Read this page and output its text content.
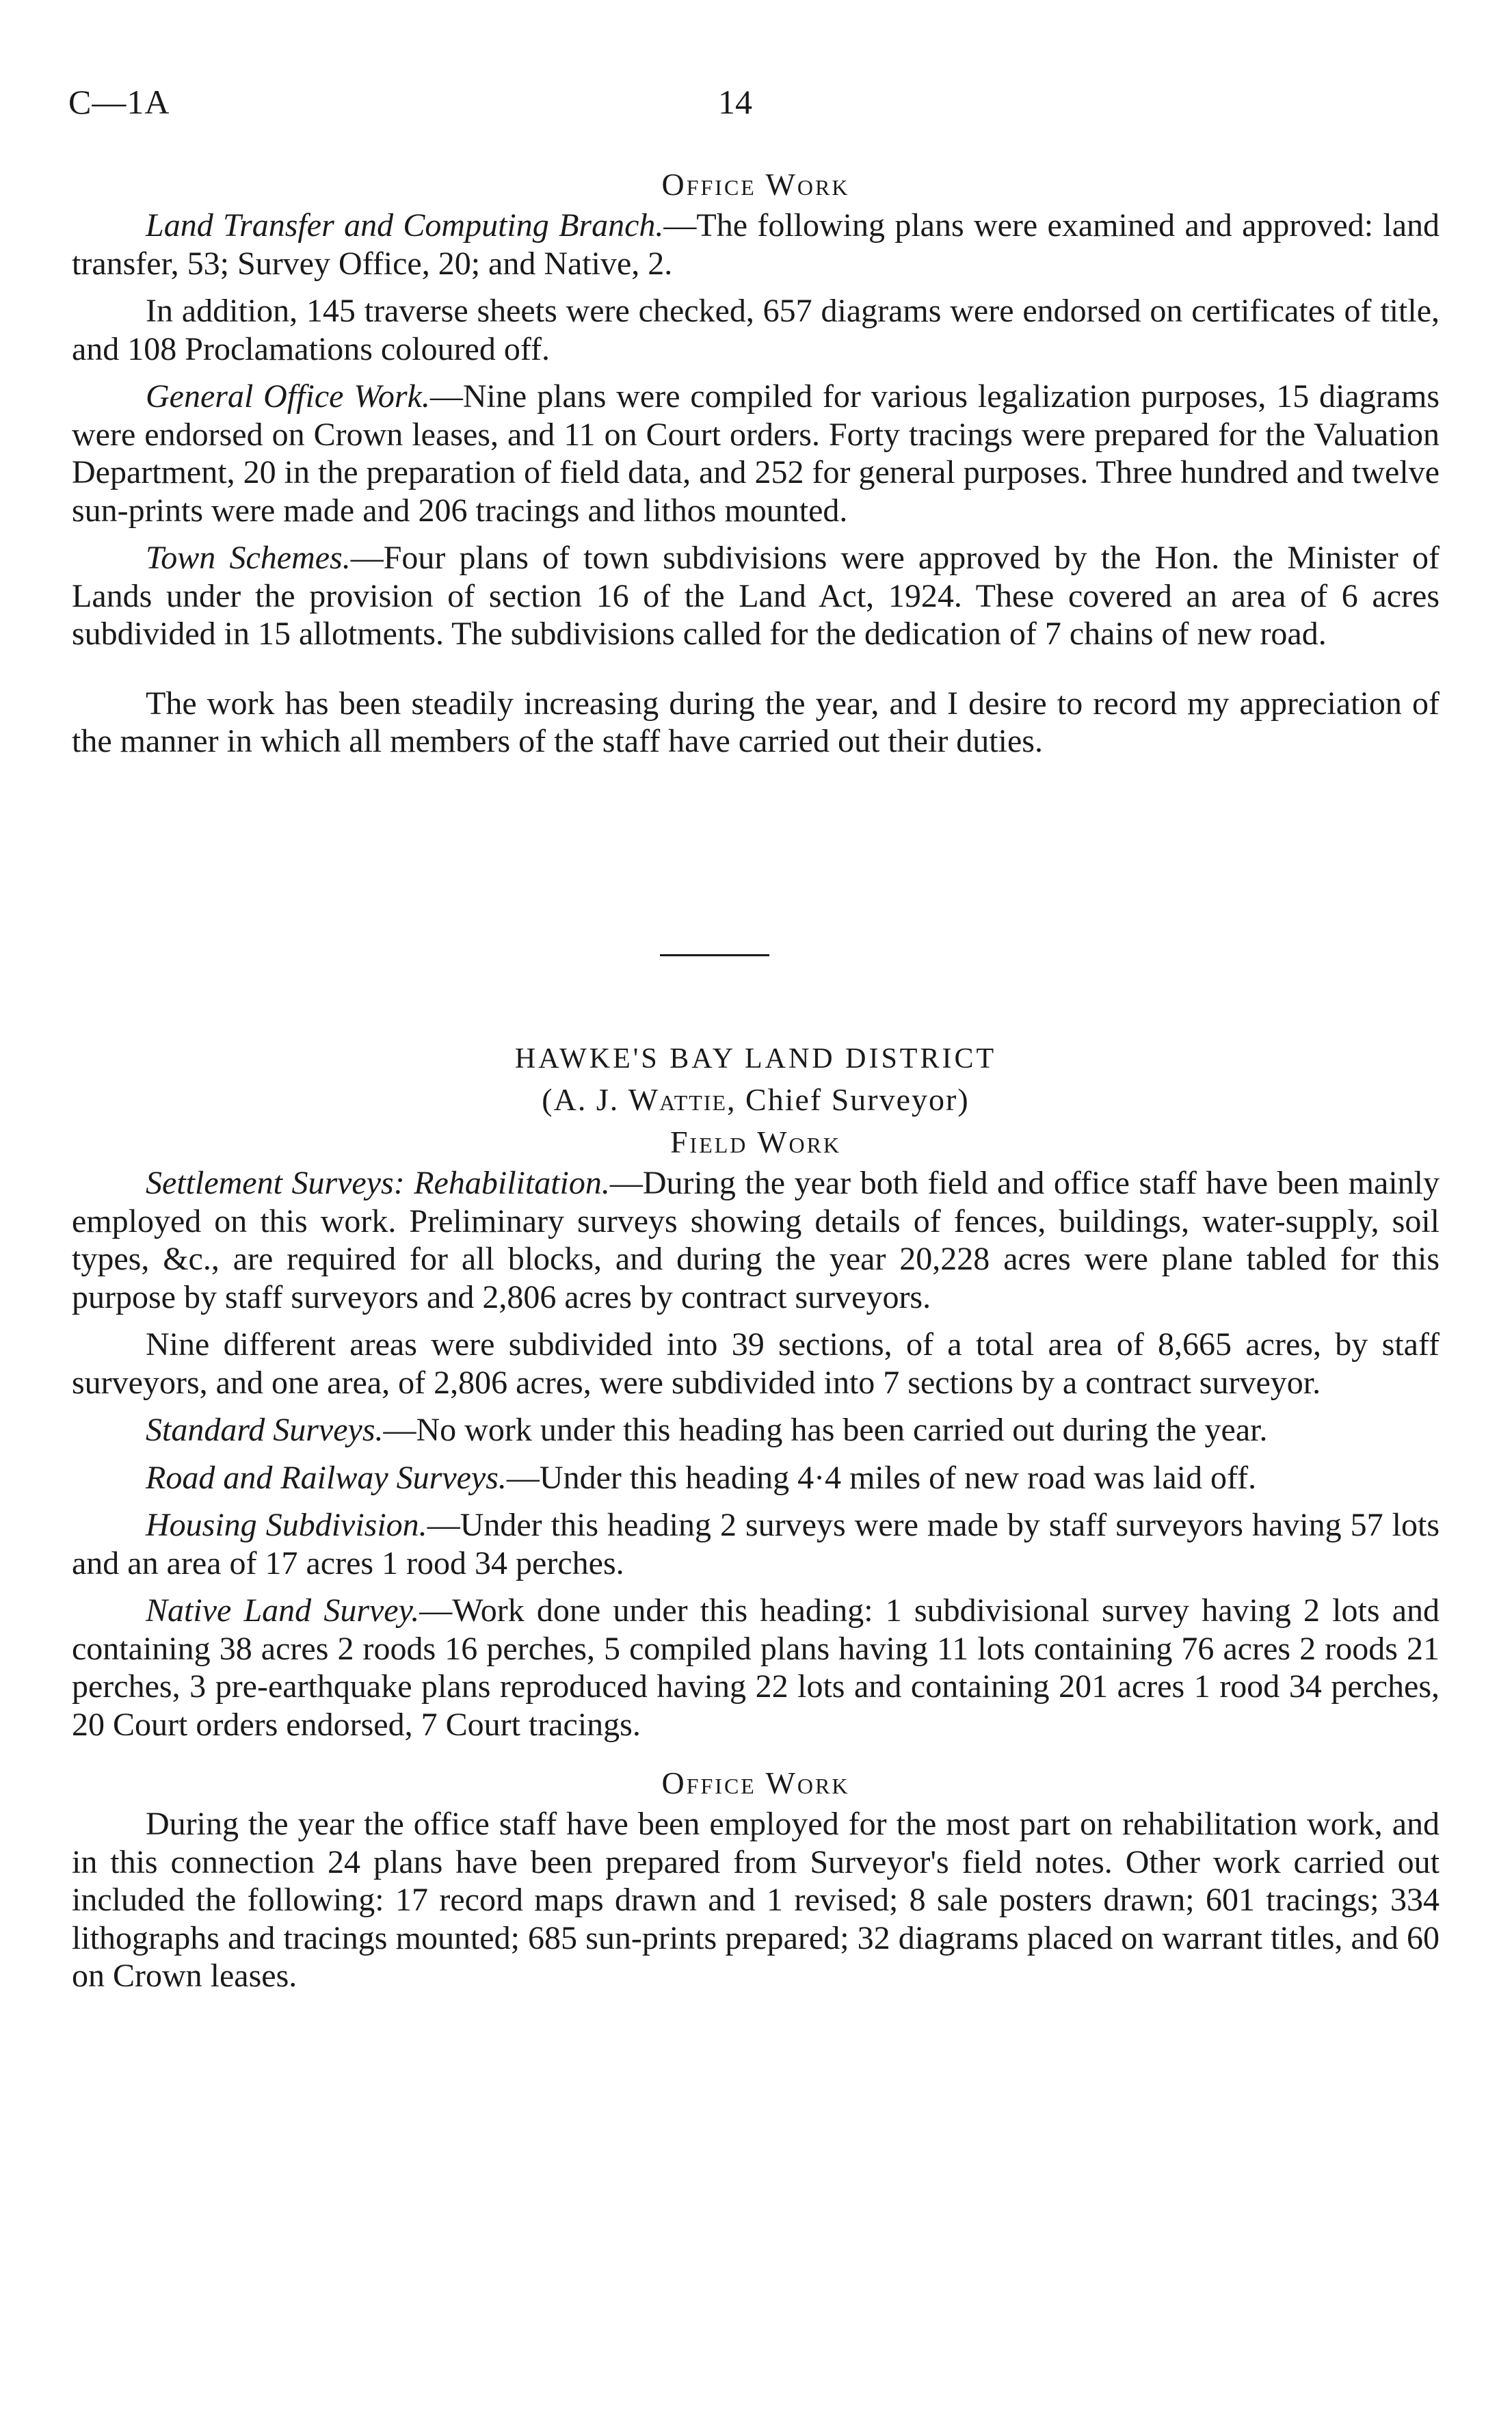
C—1A	14

Office Work

Land Transfer and Computing Branch.—The following plans were examined and approved: land transfer, 53; Survey Office, 20; and Native, 2.

In addition, 145 traverse sheets were checked, 657 diagrams were endorsed on certificates of title, and 108 Proclamations coloured off.

General Office Work.—Nine plans were compiled for various legalization purposes, 15 diagrams were endorsed on Crown leases, and 11 on Court orders. Forty tracings were prepared for the Valuation Department, 20 in the preparation of field data, and 252 for general purposes. Three hundred and twelve sun-prints were made and 206 tracings and lithos mounted.

Town Schemes.—Four plans of town subdivisions were approved by the Hon. the Minister of Lands under the provision of section 16 of the Land Act, 1924. These covered an area of 6 acres subdivided in 15 allotments. The subdivisions called for the dedication of 7 chains of new road.

The work has been steadily increasing during the year, and I desire to record my appreciation of the manner in which all members of the staff have carried out their duties.

HAWKE'S BAY LAND DISTRICT

(A. J. Wattie, Chief Surveyor)

Field Work

Settlement Surveys: Rehabilitation.—During the year both field and office staff have been mainly employed on this work. Preliminary surveys showing details of fences, buildings, water-supply, soil types, &c., are required for all blocks, and during the year 20,228 acres were plane tabled for this purpose by staff surveyors and 2,806 acres by contract surveyors.

Nine different areas were subdivided into 39 sections, of a total area of 8,665 acres, by staff surveyors, and one area, of 2,806 acres, were subdivided into 7 sections by a contract surveyor.

Standard Surveys.—No work under this heading has been carried out during the year.

Road and Railway Surveys.—Under this heading 4·4 miles of new road was laid off.

Housing Subdivision.—Under this heading 2 surveys were made by staff surveyors having 57 lots and an area of 17 acres 1 rood 34 perches.

Native Land Survey.—Work done under this heading: 1 subdivisional survey having 2 lots and containing 38 acres 2 roods 16 perches, 5 compiled plans having 11 lots containing 76 acres 2 roods 21 perches, 3 pre-earthquake plans reproduced having 22 lots and containing 201 acres 1 rood 34 perches, 20 Court orders endorsed, 7 Court tracings.

Office Work

During the year the office staff have been employed for the most part on rehabilitation work, and in this connection 24 plans have been prepared from Surveyor's field notes. Other work carried out included the following: 17 record maps drawn and 1 revised; 8 sale posters drawn; 601 tracings; 334 lithographs and tracings mounted; 685 sun-prints prepared; 32 diagrams placed on warrant titles, and 60 on Crown leases.
